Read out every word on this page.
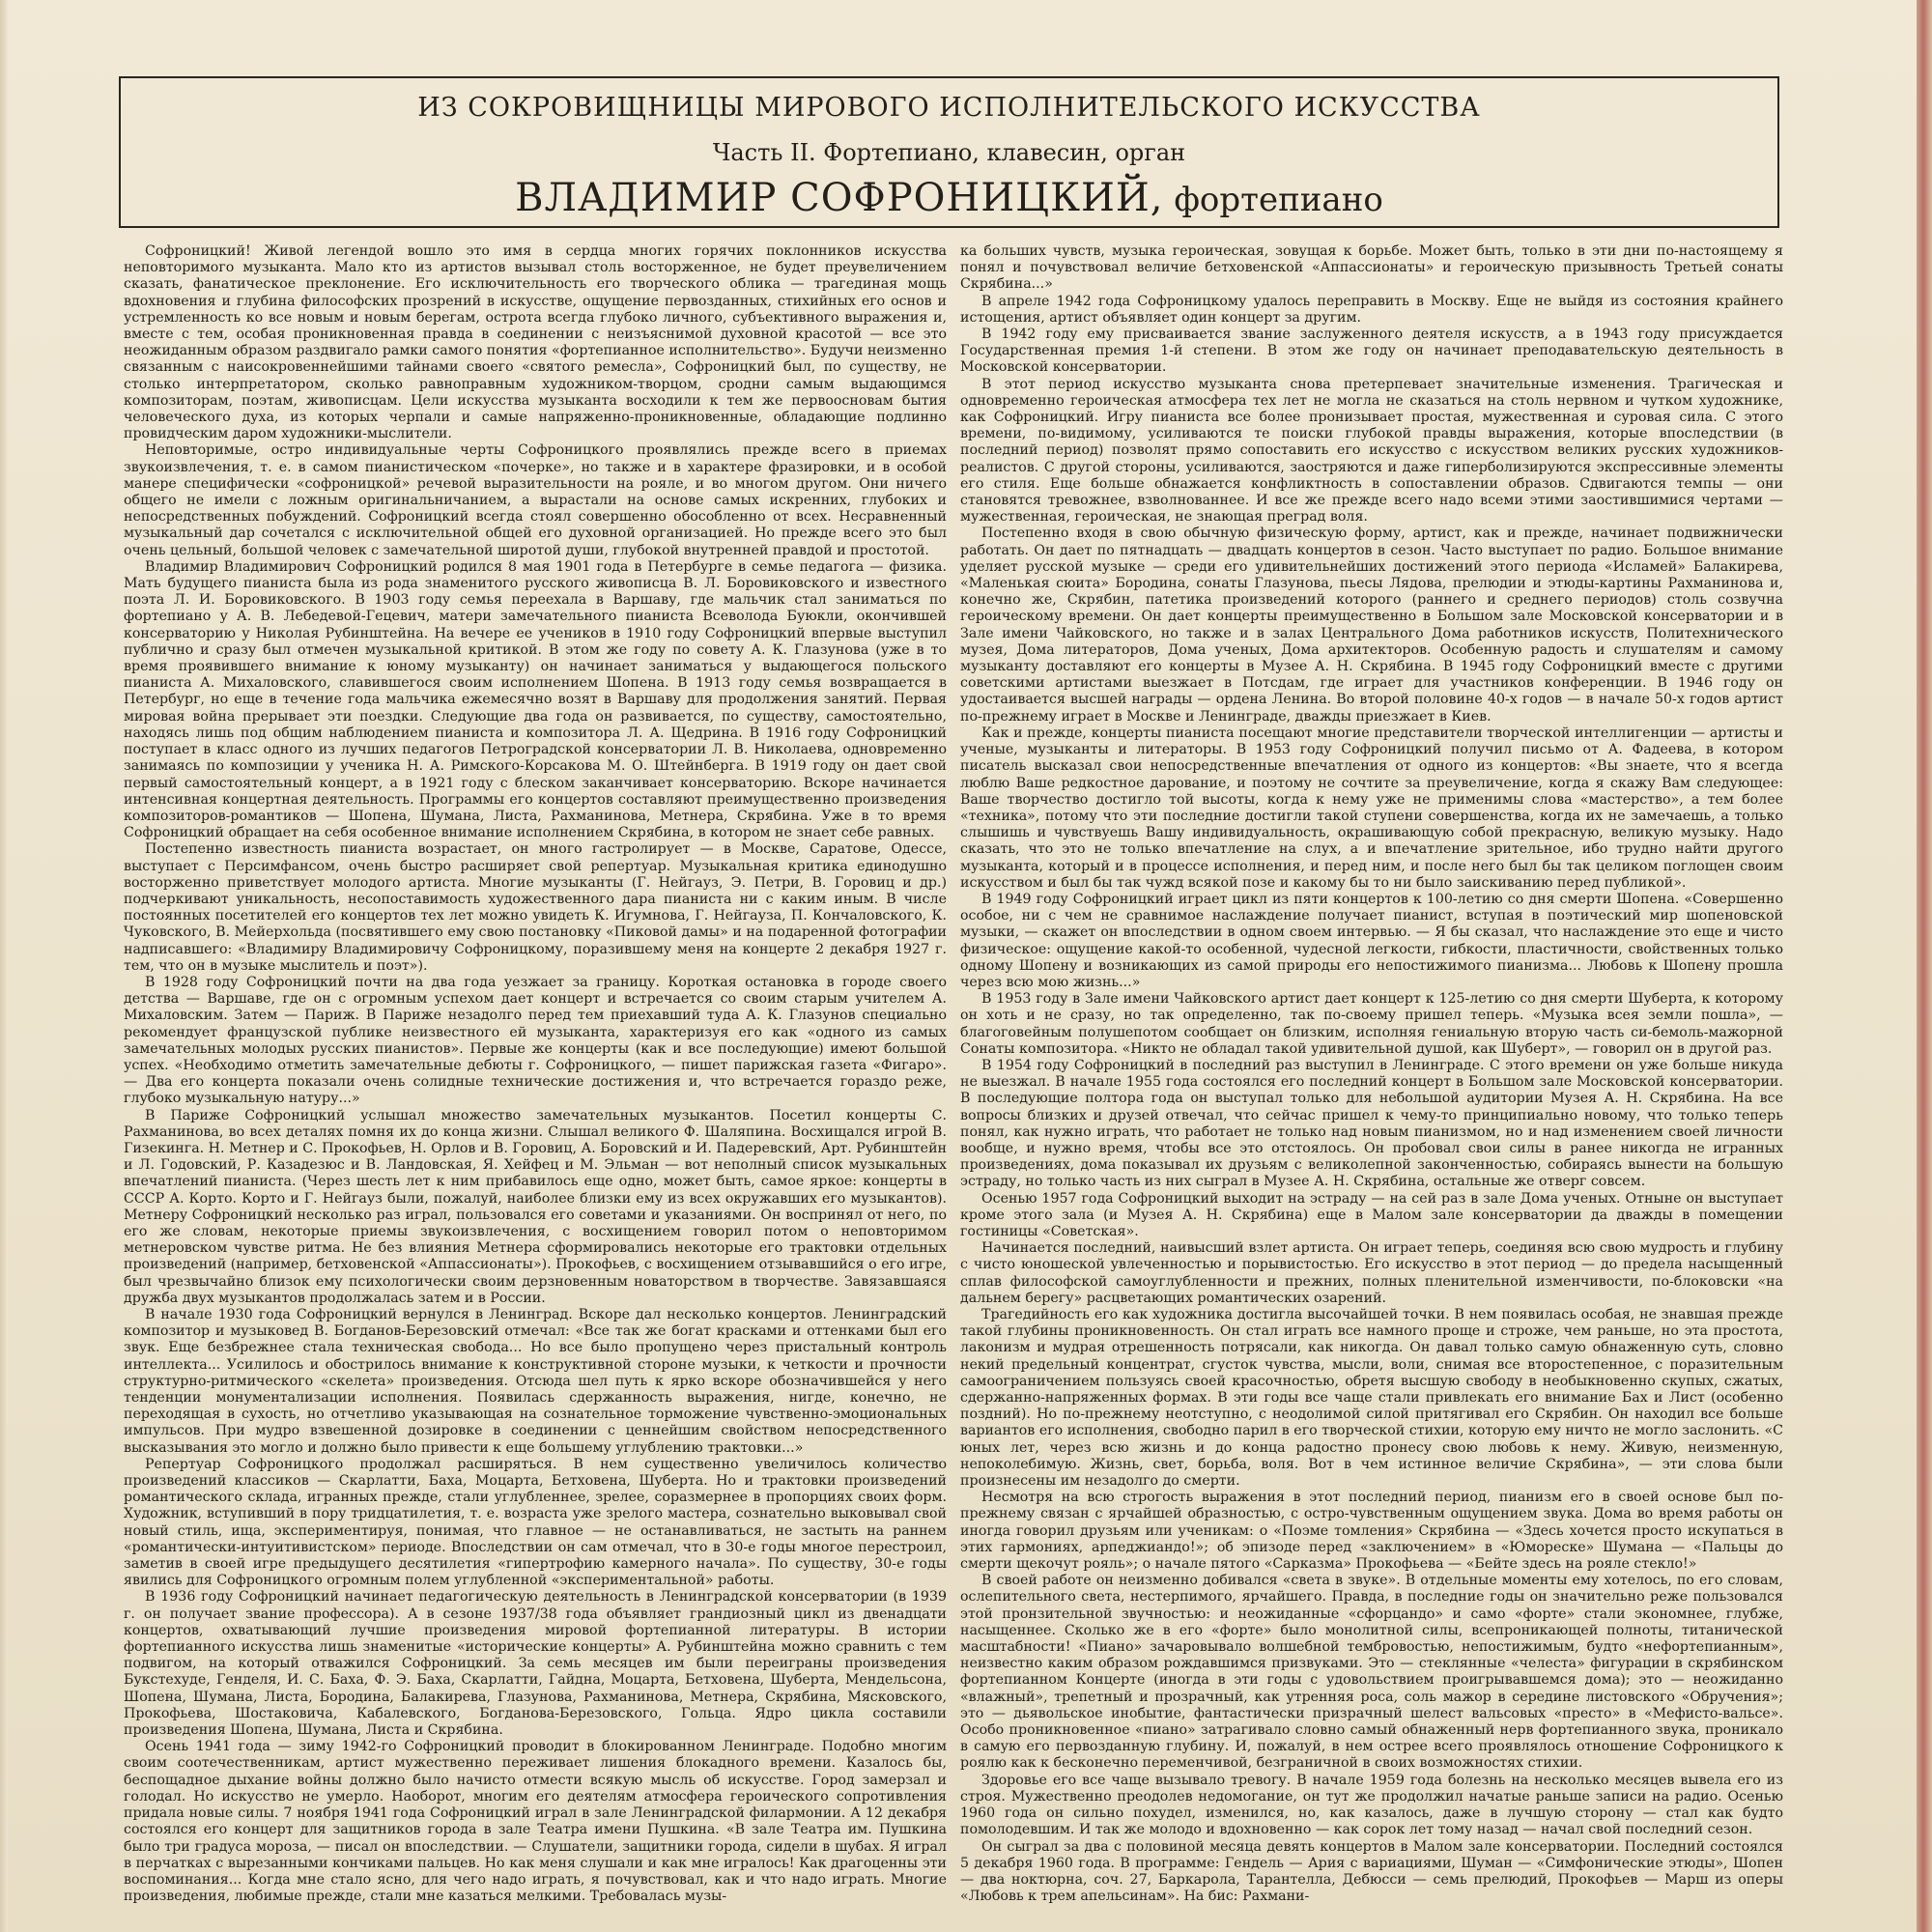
ИЗ СОКРОВИЩНИЦЫ МИРОВОГО ИСПОЛНИТЕЛЬСКОГО ИСКУССТВА
Часть II. Фортепиано, клавесин, орган
ВЛАДИМИР СОФРОНИЦКИЙ, фортепиано

Софроницкий! Живой легендой вошло это имя в сердца многих горячих поклонников искусства неповторимого музыканта. Мало кто из артистов вызывал столь восторженное, не будет преувеличением сказать, фанатическое преклонение. Его исключительность его творческого облика — трагединая мощь вдохновения и глубина философских прозрений в искусстве, ощущение первозданных, стихийных его основ и устремленность ко все новым и новым берегам, острота всегда глубоко личного, субъективного выражения и, вместе с тем, особая проникновенная правда в соединении с неизъяснимой духовной красотой — все это неожиданным образом раздвигало рамки самого понятия «фортепианное исполнительство». Будучи неизменно связанным с наисокровеннейшими тайнами своего «святого ремесла», Софроницкий был, по существу, не столько интерпретатором, сколько равноправным художником-творцом, сродни самым выдающимся композиторам, поэтам, живописцам. Цели искусства музыканта восходили к тем же первоосновам бытия человеческого духа, из которых черпали и самые напряженно-проникновенные, обладающие подлинно провидческим даром художники-мыслители.

Неповторимые, остро индивидуальные черты Софроницкого проявлялись прежде всего в приемах звукоизвлечения, т. е. в самом пианистическом «почерке», но также и в характере фразировки, и в особой манере специфически «софроницкой» речевой выразительности на рояле, и во многом другом. Они ничего общего не имели с ложным оригинальничанием, а вырастали на основе самых искренних, глубоких и непосредственных побуждений. Софроницкий всегда стоял совершенно обособленно от всех. Несравненный музыкальный дар сочетался с исключительной общей его духовной организацией. Но прежде всего это был очень цельный, большой человек с замечательной широтой души, глубокой внутренней правдой и простотой.

Владимир Владимирович Софроницкий родился 8 мая 1901 года в Петербурге в семье педагога — физика. Мать будущего пианиста была из рода знаменитого русского живописца В. Л. Боровиковского и известного поэта Л. И. Боровиковского. В 1903 году семья переехала в Варшаву, где мальчик стал заниматься по фортепиано у А. В. Лебедевой-Гецевич, матери замечательного пианиста Всеволода Буюкли, окончившей консерваторию у Николая Рубинштейна. На вечере ее учеников в 1910 году Софроницкий впервые выступил публично и сразу был отмечен музыкальной критикой. В этом же году по совету А. К. Глазунова (уже в то время проявившего внимание к юному музыканту) он начинает заниматься у выдающегося польского пианиста А. Михаловского, славившегося своим исполнением Шопена. В 1913 году семья возвращается в Петербург, но еще в течение года мальчика ежемесячно возят в Варшаву для продолжения занятий. Первая мировая война прерывает эти поездки. Следующие два года он развивается, по существу, самостоятельно, находясь лишь под общим наблюдением пианиста и композитора Л. А. Щедрина. В 1916 году Софроницкий поступает в класс одного из лучших педагогов Петроградской консерватории Л. В. Николаева, одновременно занимаясь по композиции у ученика Н. А. Римского-Корсакова М. О. Штейнберга. В 1919 году он дает свой первый самостоятельный концерт, а в 1921 году с блеском заканчивает консерваторию. Вскоре начинается интенсивная концертная деятельность. Программы его концертов составляют преимущественно произведения композиторов-романтиков — Шопена, Шумана, Листа, Рахманинова, Метнера, Скрябина. Уже в то время Софроницкий обращает на себя особенное внимание исполнением Скрябина, в котором не знает себе равных.

Постепенно известность пианиста возрастает, он много гастролирует — в Москве, Саратове, Одессе, выступает с Персимфансом, очень быстро расширяет свой репертуар. Музыкальная критика единодушно восторженно приветствует молодого артиста. Многие музыканты (Г. Нейгауз, Э. Петри, В. Горовиц и др.) подчеркивают уникальность, несопоставимость художественного дара пианиста ни с каким иным. В числе постоянных посетителей его концертов тех лет можно увидеть К. Игумнова, Г. Нейгауза, П. Кончаловского, К. Чуковского, В. Мейерхольда (посвятившего ему свою постановку «Пиковой дамы» и на подаренной фотографии надписавшего: «Владимиру Владимировичу Софроницкому, поразившему меня на концерте 2 декабря 1927 г. тем, что он в музыке мыслитель и поэт»).

В 1928 году Софроницкий почти на два года уезжает за границу. Короткая остановка в городе своего детства — Варшаве, где он с огромным успехом дает концерт и встречается со своим старым учителем А. Михаловским. Затем — Париж. В Париже незадолго перед тем приехавший туда А. К. Глазунов специально рекомендует французской публике неизвестного ей музыканта, характеризуя его как «одного из самых замечательных молодых русских пианистов». Первые же концерты (как и все последующие) имеют большой успех. «Необходимо отметить замечательные дебюты г. Софроницкого, — пишет парижская газета «Фигаро». — Два его концерта показали очень солидные технические достижения и, что встречается гораздо реже, глубоко музыкальную натуру...»

В Париже Софроницкий услышал множество замечательных музыкантов. Посетил концерты С. Рахманинова, во всех деталях помня их до конца жизни. Слышал великого Ф. Шаляпина. Восхищался игрой В. Гизекинга. Н. Метнер и С. Прокофьев, Н. Орлов и В. Горовиц, А. Боровский и И. Падеревский, Арт. Рубинштейн и Л. Годовский, Р. Казадезюс и В. Ландовская, Я. Хейфец и М. Эльман — вот неполный список музыкальных впечатлений пианиста. (Через шесть лет к ним прибавилось еще одно, может быть, самое яркое: концерты в СССР А. Корто. Корто и Г. Нейгауз были, пожалуй, наиболее близки ему из всех окружавших его музыкантов). Метнеру Софроницкий несколько раз играл, пользовался его советами и указаниями. Он воспринял от него, по его же словам, некоторые приемы звукоизвлечения, с восхищением говорил потом о неповторимом метнеровском чувстве ритма. Не без влияния Метнера сформировались некоторые его трактовки отдельных произведений (например, бетховенской «Аппассионаты»). Прокофьев, с восхищением отзывавшийся о его игре, был чрезвычайно близок ему психологически своим дерзновенным новаторством в творчестве. Завязавшаяся дружба двух музыкантов продолжалась затем и в России.

В начале 1930 года Софроницкий вернулся в Ленинград. Вскоре дал несколько концертов. Ленинградский композитор и музыковед В. Богданов-Березовский отмечал: «Все так же богат красками и оттенками был его звук. Еще безбрежнее стала техническая свобода... Но все было пропущено через пристальный контроль интеллекта... Усилилось и обострилось внимание к конструктивной стороне музыки, к четкости и прочности структурно-ритмического «скелета» произведения. Отсюда шел путь к ярко вскоре обозначившейся у него тенденции монументализации исполнения. Появилась сдержанность выражения, нигде, конечно, не переходящая в сухость, но отчетливо указывающая на сознательное торможение чувственно-эмоциональных импульсов. При мудро взвешенной дозировке в соединении с ценнейшим свойством непосредственного высказывания это могло и должно было привести к еще большему углублению трактовки...»

Репертуар Софроницкого продолжал расширяться. В нем существенно увеличилось количество произведений классиков — Скарлатти, Баха, Моцарта, Бетховена, Шуберта. Но и трактовки произведений романтического склада, игранных прежде, стали углубленнее, зрелее, соразмернее в пропорциях своих форм. Художник, вступивший в пору тридцатилетия, т. е. возраста уже зрелого мастера, сознательно выковывал свой новый стиль, ища, экспериментируя, понимая, что главное — не останавливаться, не застыть на раннем «романтически-интуитивистском» периоде. Впоследствии он сам отмечал, что в 30-е годы многое перестроил, заметив в своей игре предыдущего десятилетия «гипертрофию камерного начала». По существу, 30-е годы явились для Софроницкого огромным полем углубленной «экспериментальной» работы.

В 1936 году Софроницкий начинает педагогическую деятельность в Ленинградской консерватории (в 1939 г. он получает звание профессора). А в сезоне 1937/38 года объявляет грандиозный цикл из двенадцати концертов, охватывающий лучшие произведения мировой фортепианной литературы. В истории фортепианного искусства лишь знаменитые «исторические концерты» А. Рубинштейна можно сравнить с тем подвигом, на который отважился Софроницкий. За семь месяцев им были переиграны произведения Букстехуде, Генделя, И. С. Баха, Ф. Э. Баха, Скарлатти, Гайдна, Моцарта, Бетховена, Шуберта, Мендельсона, Шопена, Шумана, Листа, Бородина, Балакирева, Глазунова, Рахманинова, Метнера, Скрябина, Мясковского, Прокофьева, Шостаковича, Кабалевского, Богданова-Березовского, Гольца. Ядро цикла составили произведения Шопена, Шумана, Листа и Скрябина.

Осень 1941 года — зиму 1942-го Софроницкий проводит в блокированном Ленинграде. Подобно многим своим соотечественникам, артист мужественно переживает лишения блокадного времени. Казалось бы, беспощадное дыхание войны должно было начисто отмести всякую мысль об искусстве. Город замерзал и голодал. Но искусство не умерло. Наоборот, многим его деятелям атмосфера героического сопротивления придала новые силы. 7 ноября 1941 года Софроницкий играл в зале Ленинградской филармонии. А 12 декабря состоялся его концерт для защитников города в зале Театра имени Пушкина. «В зале Театра им. Пушкина было три градуса мороза, — писал он впоследствии. — Слушатели, защитники города, сидели в шубах. Я играл в перчатках с вырезанными кончиками пальцев. Но как меня слушали и как мне игралось! Как драгоценны эти воспоминания... Когда мне стало ясно, для чего надо играть, я почувствовал, как и что надо играть. Многие произведения, любимые прежде, стали мне казаться мелкими. Требовалась музы-

ка больших чувств, музыка героическая, зовущая к борьбе. Может быть, только в эти дни по-настоящему я понял и почувствовал величие бетховенской «Аппассионаты» и героическую призывность Третьей сонаты Скрябина...»

В апреле 1942 года Софроницкому удалось переправить в Москву. Еще не выйдя из состояния крайнего истощения, артист объявляет один концерт за другим.

В 1942 году ему присваивается звание заслуженного деятеля искусств, а в 1943 году присуждается Государственная премия 1-й степени. В этом же году он начинает преподавательскую деятельность в Московской консерватории.

В этот период искусство музыканта снова претерпевает значительные изменения. Трагическая и одновременно героическая атмосфера тех лет не могла не сказаться на столь нервном и чутком художнике, как Софроницкий. Игру пианиста все более пронизывает простая, мужественная и суровая сила. С этого времени, по-видимому, усиливаются те поиски глубокой правды выражения, которые впоследствии (в последний период) позволят прямо сопоставить его искусство с искусством великих русских художников-реалистов. С другой стороны, усиливаются, заостряются и даже гиперболизируются экспрессивные элементы его стиля. Еще больше обнажается конфликтность в сопоставлении образов. Сдвигаются темпы — они становятся тревожнее, взволнованнее. И все же прежде всего надо всеми этими заостившимися чертами — мужественная, героическая, не знающая преград воля.

Постепенно входя в свою обычную физическую форму, артист, как и прежде, начинает подвижнически работать. Он дает по пятнадцать — двадцать концертов в сезон. Часто выступает по радио. Большое внимание уделяет русской музыке — среди его удивительнейших достижений этого периода «Исламей» Балакирева, «Маленькая сюита» Бородина, сонаты Глазунова, пьесы Лядова, прелюдии и этюды-картины Рахманинова и, конечно же, Скрябин, патетика произведений которого (раннего и среднего периодов) столь созвучна героическому времени. Он дает концерты преимущественно в Большом зале Московской консерватории и в Зале имени Чайковского, но также и в залах Центрального Дома работников искусств, Политехнического музея, Дома литераторов, Дома ученых, Дома архитекторов. Особенную радость и слушателям и самому музыканту доставляют его концерты в Музее А. Н. Скрябина. В 1945 году Софроницкий вместе с другими советскими артистами выезжает в Потсдам, где играет для участников конференции. В 1946 году он удостаивается высшей награды — ордена Ленина. Во второй половине 40-х годов — в начале 50-х годов артист по-прежнему играет в Москве и Ленинграде, дважды приезжает в Киев.

Как и прежде, концерты пианиста посещают многие представители творческой интеллигенции — артисты и ученые, музыканты и литераторы. В 1953 году Софроницкий получил письмо от А. Фадеева, в котором писатель высказал свои непосредственные впечатления от одного из концертов: «Вы знаете, что я всегда люблю Ваше редкостное дарование, и поэтому не сочтите за преувеличение, когда я скажу Вам следующее: Ваше творчество достигло той высоты, когда к нему уже не применимы слова «мастерство», а тем более «техника», потому что эти последние достигли такой ступени совершенства, когда их не замечаешь, а только слышишь и чувствуешь Вашу индивидуальность, окрашивающую собой прекрасную, великую музыку. Надо сказать, что это не только впечатление на слух, а и впечатление зрительное, ибо трудно найти другого музыканта, который и в процессе исполнения, и перед ним, и после него был бы так целиком поглощен своим искусством и был бы так чужд всякой позе и какому бы то ни было заискиванию перед публикой».

В 1949 году Софроницкий играет цикл из пяти концертов к 100-летию со дня смерти Шопена. «Совершенно особое, ни с чем не сравнимое наслаждение получает пианист, вступая в поэтический мир шопеновской музыки, — скажет он впоследствии в одном своем интервью. — Я бы сказал, что наслаждение это еще и чисто физическое: ощущение какой-то особенной, чудесной легкости, гибкости, пластичности, свойственных только одному Шопену и возникающих из самой природы его непостижимого пианизма... Любовь к Шопену прошла через всю мою жизнь...»

В 1953 году в Зале имени Чайковского артист дает концерт к 125-летию со дня смерти Шуберта, к которому он хоть и не сразу, но так определенно, так по-своему пришел теперь. «Музыка всея земли пошла», — благоговейным полушепотом сообщает он близким, исполняя гениальную вторую часть си-бемоль-мажорной Сонаты композитора. «Никто не обладал такой удивительной душой, как Шуберт», — говорил он в другой раз.

В 1954 году Софроницкий в последний раз выступил в Ленинграде. С этого времени он уже больше никуда не выезжал. В начале 1955 года состоялся его последний концерт в Большом зале Московской консерватории. В последующие полтора года он выступал только для небольшой аудитории Музея А. Н. Скрябина. На все вопросы близких и друзей отвечал, что сейчас пришел к чему-то принципиально новому, что только теперь понял, как нужно играть, что работает не только над новым пианизмом, но и над изменением своей личности вообще, и нужно время, чтобы все это отстоялось. Он пробовал свои силы в ранее никогда не игранных произведениях, дома показывал их друзьям с великолепной законченностью, собираясь вынести на большую эстраду, но только часть из них сыграл в Музее А. Н. Скрябина, остальные же отверг совсем.

Осенью 1957 года Софроницкий выходит на эстраду — на сей раз в зале Дома ученых. Отныне он выступает кроме этого зала (и Музея А. Н. Скрябина) еще в Малом зале консерватории да дважды в помещении гостиницы «Советская».

Начинается последний, наивысший взлет артиста. Он играет теперь, соединяя всю свою мудрость и глубину с чисто юношеской увлеченностью и порывистостью. Его искусство в этот период — до предела насыщенный сплав философской самоуглубленности и прежних, полных пленительной изменчивости, по-блоковски «на дальнем берегу» расцветающих романтических озарений.

Трагедийность его как художника достигла высочайшей точки. В нем появилась особая, не знавшая прежде такой глубины проникновенность. Он стал играть все намного проще и строже, чем раньше, но эта простота, лаконизм и мудрая отрешенность потрясали, как никогда. Он давал только самую обнаженную суть, словно некий предельный концентрат, сгусток чувства, мысли, воли, снимая все второстепенное, с поразительным самоограничением пользуясь своей красочностью, обретя высшую свободу в необыкновенно скупых, сжатых, сдержанно-напряженных формах. В эти годы все чаще стали привлекать его внимание Бах и Лист (особенно поздний). Но по-прежнему неотступно, с неодолимой силой притягивал его Скрябин. Он находил все больше вариантов его исполнения, свободно парил в его творческой стихии, которую ему ничто не могло заслонить. «С юных лет, через всю жизнь и до конца радостно пронесу свою любовь к нему. Живую, неизменную, непоколебимую. Жизнь, свет, борьба, воля. Вот в чем истинное величие Скрябина», — эти слова были произнесены им незадолго до смерти.

Несмотря на всю строгость выражения в этот последний период, пианизм его в своей основе был по-прежнему связан с ярчайшей образностью, с остро-чувственным ощущением звука. Дома во время работы он иногда говорил друзьям или ученикам: о «Поэме томления» Скрябина — «Здесь хочется просто искупаться в этих гармониях, арпеджиандо!»; об эпизоде перед «заключением» в «Юмореске» Шумана — «Пальцы до смерти щекочут рояль»; о начале пятого «Сарказма» Прокофьева — «Бейте здесь на рояле стекло!»

В своей работе он неизменно добивался «света в звуке». В отдельные моменты ему хотелось, по его словам, ослепительного света, нестерпимого, ярчайшего. Правда, в последние годы он значительно реже пользовался этой пронзительной звучностью: и неожиданные «сфорцандо» и само «форте» стали экономнее, глубже, насыщеннее. Сколько же в его «форте» было монолитной силы, всепроникающей полноты, титанической масштабности! «Пиано» зачаровывало волшебной тембровостью, непостижимым, будто «нефортепианным», неизвестно каким образом рождавшимся призвуками. Это — стеклянные «челеста» фигурации в скрябинском фортепианном Концерте (иногда в эти годы с удовольствием проигрывавшемся дома); это — неожиданно «влажный», трепетный и прозрачный, как утренняя роса, соль мажор в середине листовского «Обручения»; это — дьявольское инобытие, фантастически призрачный шелест вальсовых «престо» в «Мефисто-вальсе». Особо проникновенное «пиано» затрагивало словно самый обнаженный нерв фортепианного звука, проникало в самую его первозданную глубину. И, пожалуй, в нем острее всего проявлялось отношение Софроницкого к роялю как к бесконечно переменчивой, безграничной в своих возможностях стихии.

Здоровье его все чаще вызывало тревогу. В начале 1959 года болезнь на несколько месяцев вывела его из строя. Мужественно преодолев недомогание, он тут же продолжил начатые раньше записи на радио. Осенью 1960 года он сильно похудел, изменился, но, как казалось, даже в лучшую сторону — стал как будто помолодевшим. И так же молодо и вдохновенно — как сорок лет тому назад — начал свой последний сезон.

Он сыграл за два с половиной месяца девять концертов в Малом зале консерватории. Последний состоялся 5 декабря 1960 года. В программе: Гендель — Ария с вариациями, Шуман — «Симфонические этюды», Шопен — два ноктюрна, соч. 27, Баркарола, Тарантелла, Дебюсси — семь прелюдий, Прокофьев — Марш из оперы «Любовь к трем апельсинам». На бис: Рахмани-
